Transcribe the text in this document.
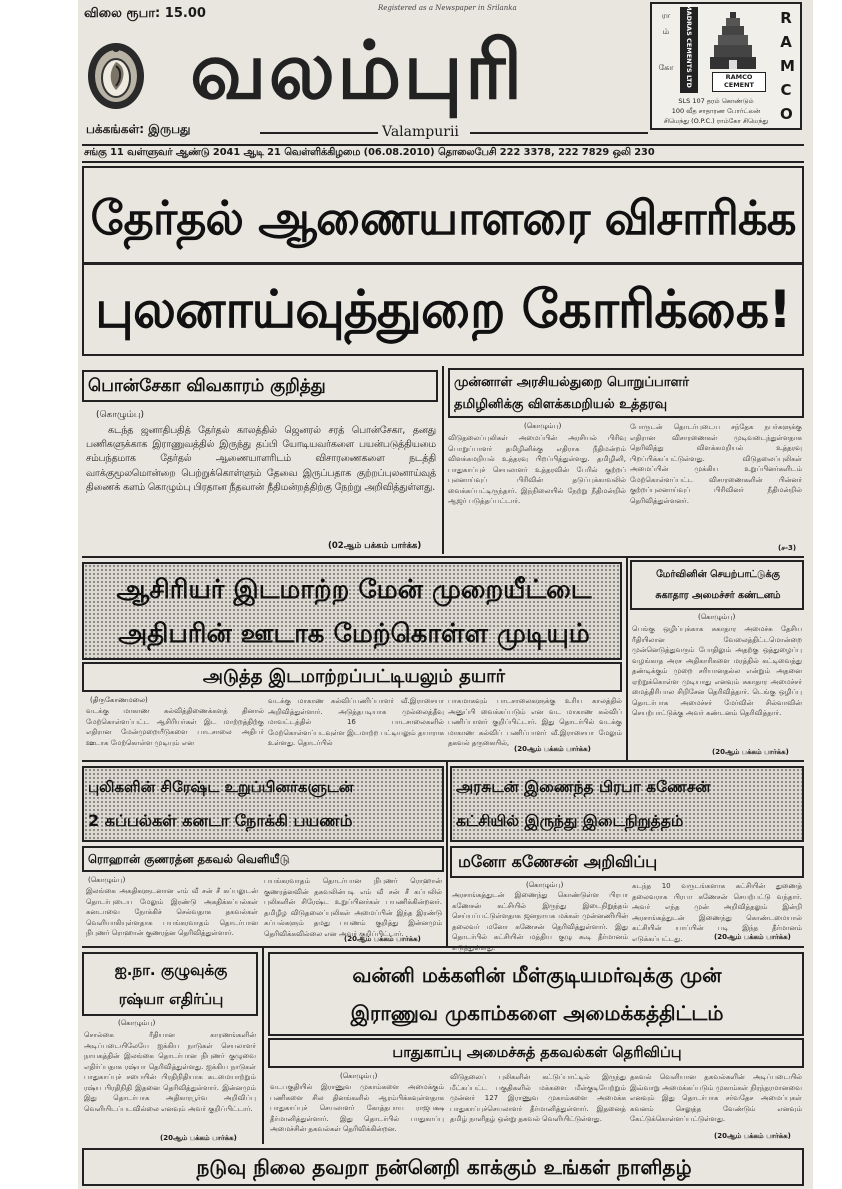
விலை ரூபா: 15.00	Registered as a Newspaper in Srilanka
வலம்புரி
பக்கங்கள்: இருபது	Valampurii
RAMCO
ரா
ம்
கோ	MADRAS CEMENTS LTD	RAMCO CEMENT
SLS 107 தரம் கொண்டும்
100 வீத சாதாரண போர்ட்லன்
சிமெந்து (O.P.C.) ராம்கோ சிமெந்து
சங்கு 11 வள்ளுவர் ஆண்டு 2041 ஆடி 21 வெள்ளிக்கிழமை (06.08.2010) தொலைபேசி 222 3378, 222 7829 ஒலி 230
தேர்தல் ஆணையாளரை விசாரிக்க
புலனாய்வுத்துறை கோரிக்கை!
பொன்சேகா விவகாரம் குறித்து
(கொழும்பு)
கடந்த ஜனாதிபதித் தேர்தல் காலத்தில் ஜெனரல் சரத் பொன்சேகா, தனது பணிகளுக்காக இராணுவத்தில் இருந்து தப்பி யோடியவர்களை பயன்படுத்தியமை சம்பந்தமாக தேர்தல் ஆணையாளரிடம் விசாரணைகளை நடத்தி வாக்குமூலமொன்றை பெற்றுக்கொள்ளும் தேவை இருப்பதாக குற்றப்புலனாய்வுத் திணைக் களம் கொழும்பு பிரதான நீதவான் நீதிமன்றத்திற்கு நேற்று அறிவித்துள்ளது.
(02ஆம் பக்கம் பார்க்க)
முன்னாள் அரசியல்துறை பொறுப்பாளர்
தமிழினிக்கு விளக்கமறியல் உத்தரவு
(கொழும்பு)
விடுதலைப்புலிகள் அமைப்பின் அரசியல் பிரிவு பொறுப்பாளர் தமிழினிக்கு எதிராக நீதிமன்றம் விளக்கமறியல் உத்தரவு பிறப்பித்துள்ளது. தமிழினி, பாதுகாப்புச் செயலாளர் உத்தரவின் பேரில் குற்றப் புலனாய்வுப் பிரிவின் தடுப்புக்காவலில் வைக்கப்பட்டிருந்தார். இந்நிலையில் நேற்று நீதிமன்றில் ஆஜர் படுத்தப்பட்டார்.
போருடன் தொடர்புடைய சந்தேக நபர்களுக்கு எதிரான விசாரணைகள் முடிவடைந்துள்ளதாக தெரிவித்து விளக்கமறியல் உத்தரவு பிறப்பிக்கப்பட்டுள்ளது. விடுதலைப்புலிகள் அமைப்பின் முக்கிய உறுப்பினர்களிடம் மேற்கொள்ளப்பட்ட விசாரணைகளின் பின்னர் குற்றப்புலனாய்வுப் பிரிவினர் நீதிமன்றில் தெரிவித்துள்ளனர்.
(ச-3)
ஆசிரியர் இடமாற்ற மேன் முறையீட்டை
அதிபரின் ஊடாக மேற்கொள்ள முடியும்
அடுத்த இடமாற்றப்பட்டியலும் தயார்
(திருகோணமலை)
வடக்கு மாகாண கல்வித்திணைக்களத் தினால் மேற்கொள்ளப்பட்ட ஆசிரியர்கள் இட மாற்றத்திற்கு எதிரான மேன்முறையீடுகளை பாடசாலை அதிபர் ஊடாக மேற்கொள்ள முடியும் என
வடக்கு மாகாண கல்விப்பணிப்பாளர் வீ.இராசையா அறிவித்துள்ளார். அடுத்தபடியாக முல்லைத்தீவு மாவட்டத்தில் 16 பாடசாலைகளில் மேற்கொள்ளப்படவுள்ள இடமாற்ற பட்டியலும் தயாராக உள்ளது. தொடர்பில்
பாகமாகவும் பாடசாலைகளுக்கு உரிய காலத்தில் அனுப்பி வைக்கப்படும் என வட மாகாண கல்விப் பணிப்பாளர் குறிப்பிட்டார். இது தொடர்பில் வடக்கு மாகாண கல்விப் பணிப்பாளர் வீ.இராசையா மேலும் தகவல் தருகையில்,
(20ஆம் பக்கம் பார்க்க)
மேர்வினின் செயற்பாட்டுக்கு
சுகாதார அமைச்சர் கண்டனம்
(கொழும்பு)
பெங்கு ஒழிப்புக்காக சுகாதார அமைச்சு தேசிய ரீதியிலான வேலைத்திட்டமொன்றை முன்னெடுத்துவரும் போதிலும் அதற்கு ஒத்துழைப்பு வழங்காத அரச அதிகாரிகளை மரத்தில் கட்டிவைத்து தண்டிக்கும் முறை சரியானதல்ல என்றும் அதனை ஏற்றுக்கொள்ள முடியாது எனவும் சுகாதார அமைச்சர் மைத்திரிபால சிறிசேன தெரிவித்தார். டெங்கு ஒழிப்பு தொடர்பாக அமைச்சர் மேர்வின் சில்வாவின் செயற்பாட்டுக்கு அவர் கண்டனம் தெரிவித்தார்.
(20ஆம் பக்கம் பார்க்க)
புலிகளின் சிரேஷ்ட உறுப்பினர்களுடன்
2 கப்பல்கள் கனடா நோக்கி பயணம்
ரொஹான் குணரத்ன தகவல் வெளியீடு
(கொழும்பு)
இலங்கை அகதிகளுடனான எம் வீ சன் சீ கப்பலுடன் தொடர்புடைய மேலும் இரண்டு அகதிக்கப்பல்கள் கனடாவை நோக்கிச் செல்வதாக தகவல்கள் வெளியாகியுள்ளதாக பயங்கரவாதம் தொடர்பான நிபுணர் ரொஹான் குணரத்ன தெரிவித்துள்ளார்.
பயங்கரவாதம் தொடர்பான நிபுணர் ரொஹான் குணரத்னவின் தகவலின்படி எம் வீ சன் சீ கப்பலில் புலிகளின் சிரேஷ்ட உறுப்பினர்கள் பயணிக்கின்றனர். தமிழீழ விடுதலைப்புலிகள் அமைப்பின் இந்த இரண்டு கப்பல்களும் தமது பயணம் குறித்து இன்னமும் தெரிவிக்கவில்லை என அவர் குறிப்பிட்டார்.
(20ஆம் பக்கம் பார்க்க)
அரசுடன் இணைந்த பிரபா கணேசன்
கட்சியில் இருந்து இடைநிறுத்தம்
மனோ கணேசன் அறிவிப்பு
(கொழும்பு)
அரசாங்கத்துடன் இணைந்து கொண்டுள்ள பிரபா கணேசன் கட்சியில் இருந்து இடைநிறுத்தம் செய்யப்பட்டுள்ளதாக ஜனநாயக மக்கள் முன்னணியின் தலைவர் மனோ கணேசன் தெரிவித்துள்ளார். இது தொடர்பில் கட்சியின் மத்திய குழு கூடி தீர்மானம்
கடந்த 10 வருடங்களாக கட்சியின் துணைத் தலைவராக பிரபா கணேசன் செயற்பட்டு வந்தார். அவர் எந்த முன் அறிவித்தலும் இன்றி அரசாங்கத்துடன் இணைந்து கொண்டமையால் கட்சியின் யாப்பின் படி இந்த தீர்மானம் எடுக்கப்பட்டது.	(20ஆம் பக்கம் பார்க்க)
ஐ.நா. குழுவுக்கு
ரஷ்யா எதிர்ப்பு
(கொழும்பு)
சொல்கை ரீதியான காரணங்களின் அடிப்படையிலேயே ஐக்கிய நாடுகள் செயலாளர் நாயகத்தின் இலங்கை தொடர்பான நிபுணர் குழுவை எதிர்ப்பதாக ரஷ்யா தெரிவித்துள்ளது. ஐக்கிய நாடுகள் பாதுகாப்புச் சபையின் பிரதிநிதியாக கடமையாற்றும் ரஷ்ய பிரதிநிதி இதனை தெரிவித்துள்ளார். இன்னமும் இது தொடர்பாக அதிகாரபூர்வ அறிவிப்பு வெளியிடப்படவில்லை எனவும் அவர் குறிப்பிட்டார்.
(20ஆம் பக்கம் பார்க்க)
வன்னி மக்களின் மீள்குடியமர்வுக்கு முன்
இராணுவ முகாம்களை அமைக்கத்திட்டம்
பாதுகாப்பு அமைச்சுத் தகவல்கள் தெரிவிப்பு
(கொழும்பு)
வடபகுதியில் இராணுவ முகாம்களை அமைக்கும் பணிகளை சில தினங்களில் ஆரம்பிக்கவுள்ளதாக பாதுகாப்புச் செயலாளர் கோத்தபாய ராஜபக்ஷ தீர்மானித்துள்ளார். இது தொடர்பில் பாதுகாப்பு அமைச்சின் தகவல்கள் தெரிவிக்கின்றன.
விடுதலைப் புலிகளின் கட்டுப்பாட்டில் இருந்து மீட்கப்பட்ட பகுதிகளில் மக்களை மீள்குடியேற்றும் முன்னர் 127 இராணுவ முகாம்களை அமைக்க பாதுகாப்புச்செயலாளர் தீர்மானித்துள்ளார். இதனைத் தமிழ் நாளிதழ் ஒன்று தகவல் வெளியிட்டுள்ளது.
தகவல் வெளியான தகவல்களின் அடிப்படையில் இவ்வாறு அமைக்கப்படும் முகாம்கள் நிரந்தரமானவை எனவும் இது தொடர்பாக சர்வதேச அமைப்புகள் கவனம் செலுத்த வேண்டும் எனவும் கேட்டுக்கொள்ளப்பட்டுள்ளது.
(20ஆம் பக்கம் பார்க்க)
நடுவு நிலை தவறா நன்னெறி காக்கும் உங்கள் நாளிதழ்
